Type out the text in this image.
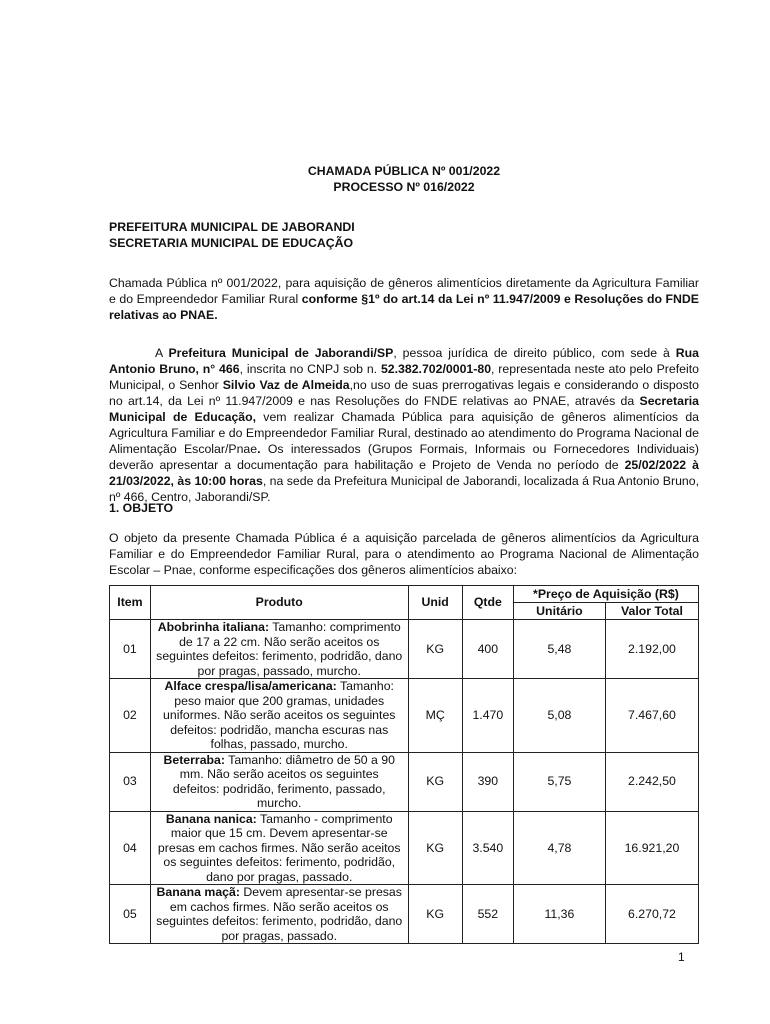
CHAMADA PÚBLICA Nº 001/2022
PROCESSO Nº 016/2022
PREFEITURA MUNICIPAL DE JABORANDI
SECRETARIA MUNICIPAL DE EDUCAÇÃO
Chamada Pública nº 001/2022, para aquisição de gêneros alimentícios diretamente da Agricultura Familiar e do Empreendedor Familiar Rural conforme §1º do art.14 da Lei nº 11.947/2009 e Resoluções do FNDE relativas ao PNAE.
A Prefeitura Municipal de Jaborandi/SP, pessoa jurídica de direito público, com sede à Rua Antonio Bruno, n° 466, inscrita no CNPJ sob n. 52.382.702/0001-80, representada neste ato pelo Prefeito Municipal, o Senhor Silvio Vaz de Almeida,no uso de suas prerrogativas legais e considerando o disposto no art.14, da Lei nº 11.947/2009 e nas Resoluções do FNDE relativas ao PNAE, através da Secretaria Municipal de Educação, vem realizar Chamada Pública para aquisição de gêneros alimentícios da Agricultura Familiar e do Empreendedor Familiar Rural, destinado ao atendimento do Programa Nacional de Alimentação Escolar/Pnae. Os interessados (Grupos Formais, Informais ou Fornecedores Individuais) deverão apresentar a documentação para habilitação e Projeto de Venda no período de 25/02/2022 à 21/03/2022, às 10:00 horas, na sede da Prefeitura Municipal de Jaborandi, localizada á Rua Antonio Bruno, nº 466, Centro, Jaborandi/SP.
1. OBJETO
O objeto da presente Chamada Pública é a aquisição parcelada de gêneros alimentícios da Agricultura Familiar e do Empreendedor Familiar Rural, para o atendimento ao Programa Nacional de Alimentação Escolar – Pnae, conforme especificações dos gêneros alimentícios abaixo:
Item	Produto	Unid	Qtde	*Preço de Aquisição (R$)	
				Unitário	Valor Total
01	Abobrinha italiana: Tamanho: comprimento de 17 a 22 cm. Não serão aceitos os seguintes defeitos: ferimento, podridão, dano por pragas, passado, murcho.	KG	400	5,48	2.192,00
02	Alface crespa/lisa/americana: Tamanho: peso maior que 200 gramas, unidades uniformes. Não serão aceitos os seguintes defeitos: podridão, mancha escuras nas folhas, passado, murcho.	MÇ	1.470	5,08	7.467,60
03	Beterraba: Tamanho: diâmetro de 50 a 90 mm. Não serão aceitos os seguintes defeitos: podridão, ferimento, passado, murcho.	KG	390	5,75	2.242,50
04	Banana nanica: Tamanho - comprimento maior que 15 cm. Devem apresentar-se presas em cachos firmes. Não serão aceitos os seguintes defeitos: ferimento, podridão, dano por pragas, passado.	KG	3.540	4,78	16.921,20
05	Banana maçã: Devem apresentar-se presas em cachos firmes. Não serão aceitos os seguintes defeitos: ferimento, podridão, dano por pragas, passado.	KG	552	11,36	6.270,72
1
